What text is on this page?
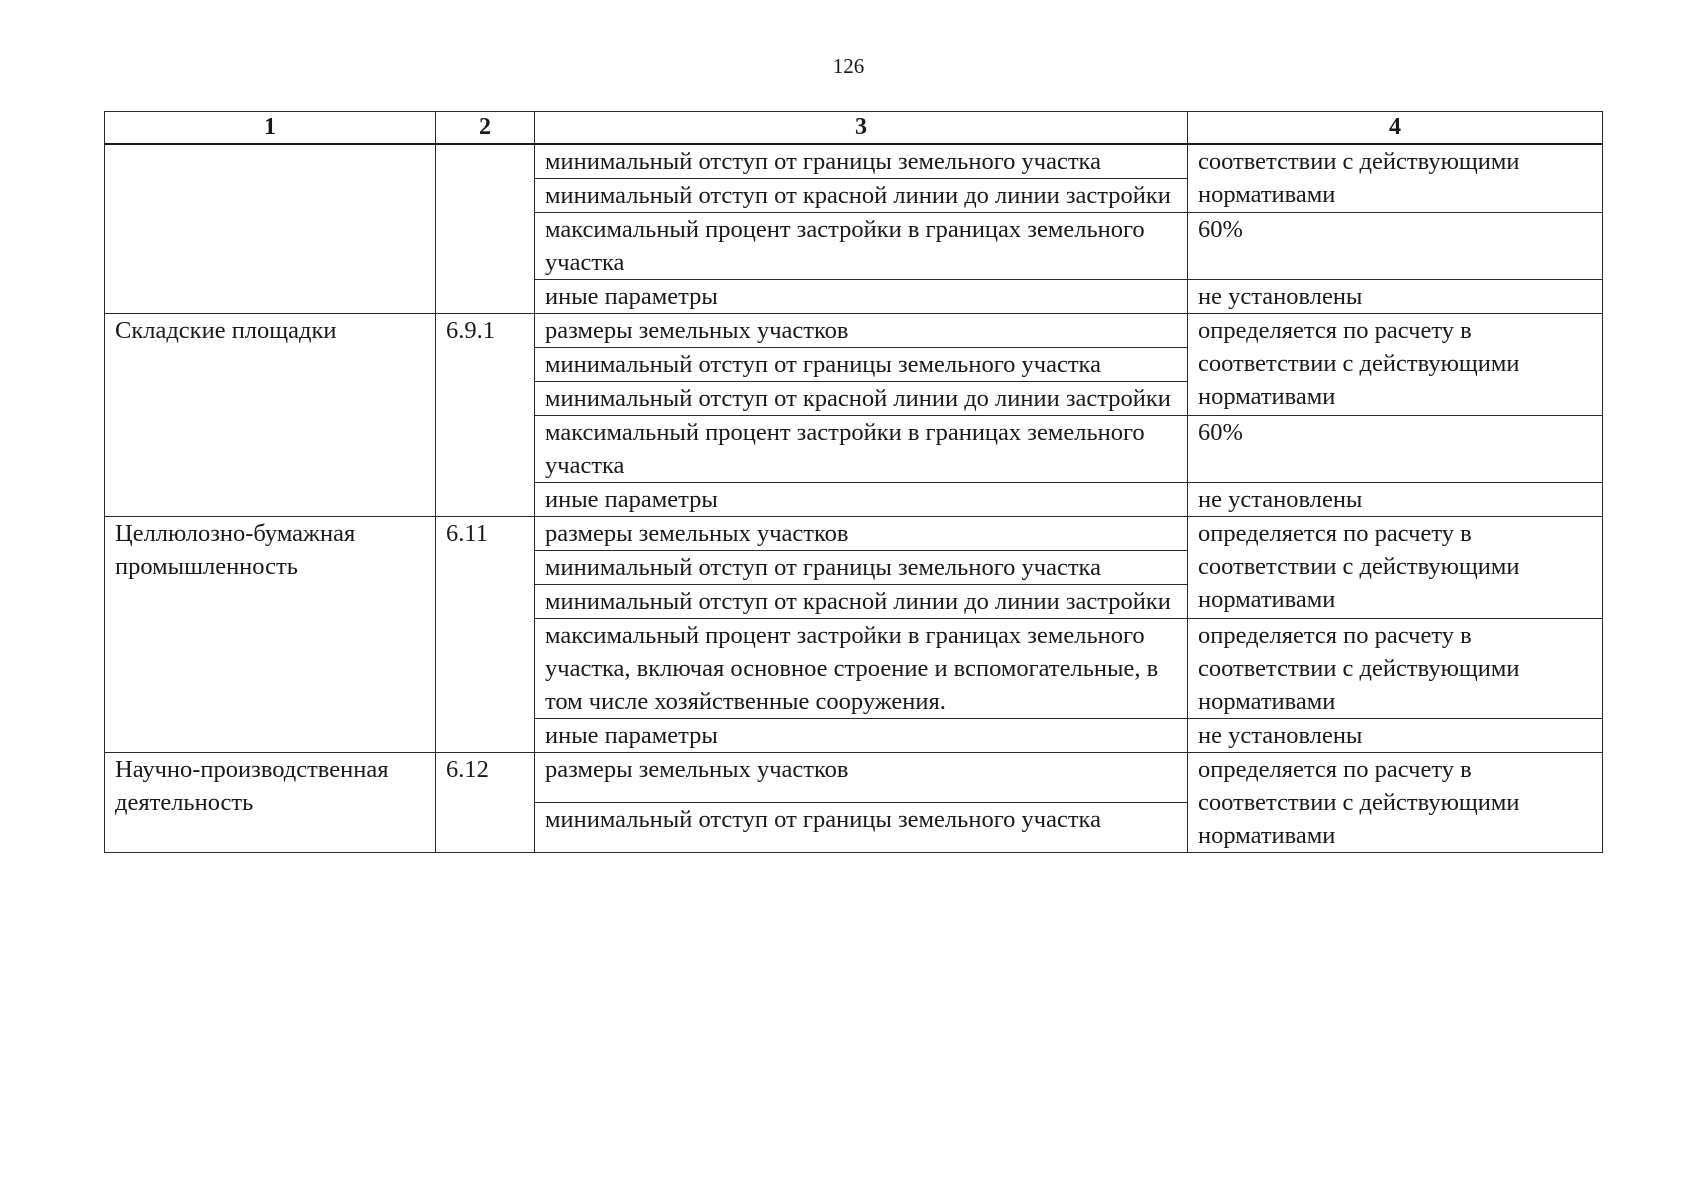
126
1	2	3	4
		минимальный отступ от границы земельного участка	соответствии с действующими нормативами
		минимальный отступ от красной линии до линии застройки	
		максимальный процент застройки в границах земельного участка	60%
		иные параметры	не установлены
Складские площадки	6.9.1	размеры земельных участков	определяется по расчету в соответствии с действующими нормативами
		минимальный отступ от границы земельного участка	
		минимальный отступ от красной линии до линии застройки	
		максимальный процент застройки в границах земельного участка	60%
		иные параметры	не установлены
Целлюлозно-бумажная промышленность	6.11	размеры земельных участков	определяется по расчету в соответствии с действующими нормативами
		минимальный отступ от границы земельного участка	
		минимальный отступ от красной линии до линии застройки	
		максимальный процент застройки в границах земельного участка, включая основное строение и вспомогательные, в том числе хозяйственные сооружения.	определяется по расчету в соответствии с действующими нормативами
		иные параметры	не установлены
Научно-производственная деятельность	6.12	размеры земельных участков	определяется по расчету в соответствии с действующими нормативами
		минимальный отступ от границы земельного участка	
